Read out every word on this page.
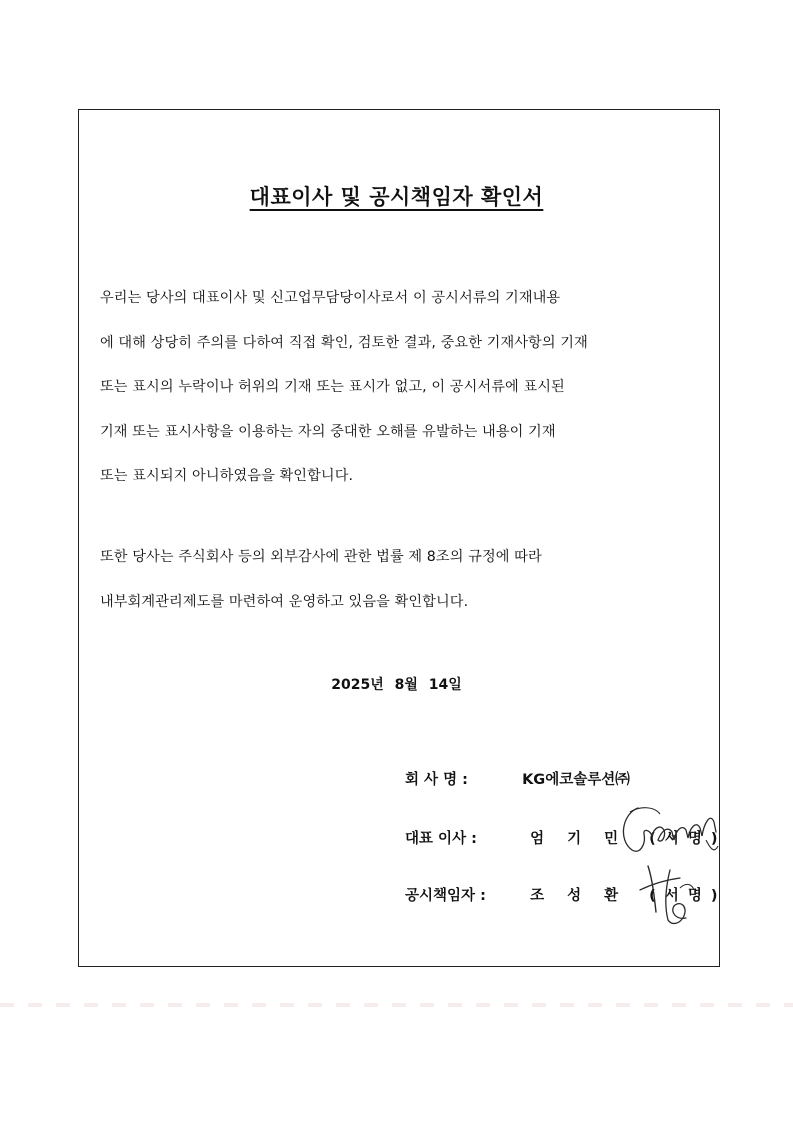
대표이사 및 공시책임자 확인서
우리는 당사의 대표이사 및 신고업무담당이사로서 이 공시서류의 기재내용
에 대해 상당히 주의를 다하여 직접 확인, 검토한 결과, 중요한 기재사항의 기재
또는 표시의 누락이나 허위의 기재 또는 표시가 없고, 이 공시서류에 표시된
기재 또는 표시사항을 이용하는 자의 중대한 오해를 유발하는 내용이 기재
또는 표시되지 아니하였음을 확인합니다.
또한 당사는 주식회사 등의 외부감사에 관한 법률 제 8조의 규정에 따라
내부회계관리제도를 마련하여 운영하고 있음을 확인합니다.
2025년 8월 14일
회 사 명 :	KG에코솔루션㈜
대표 이사 :	엄 기 민 ( 서 명 )
공시책임자 :	조 성 환 ( 서 명 )
